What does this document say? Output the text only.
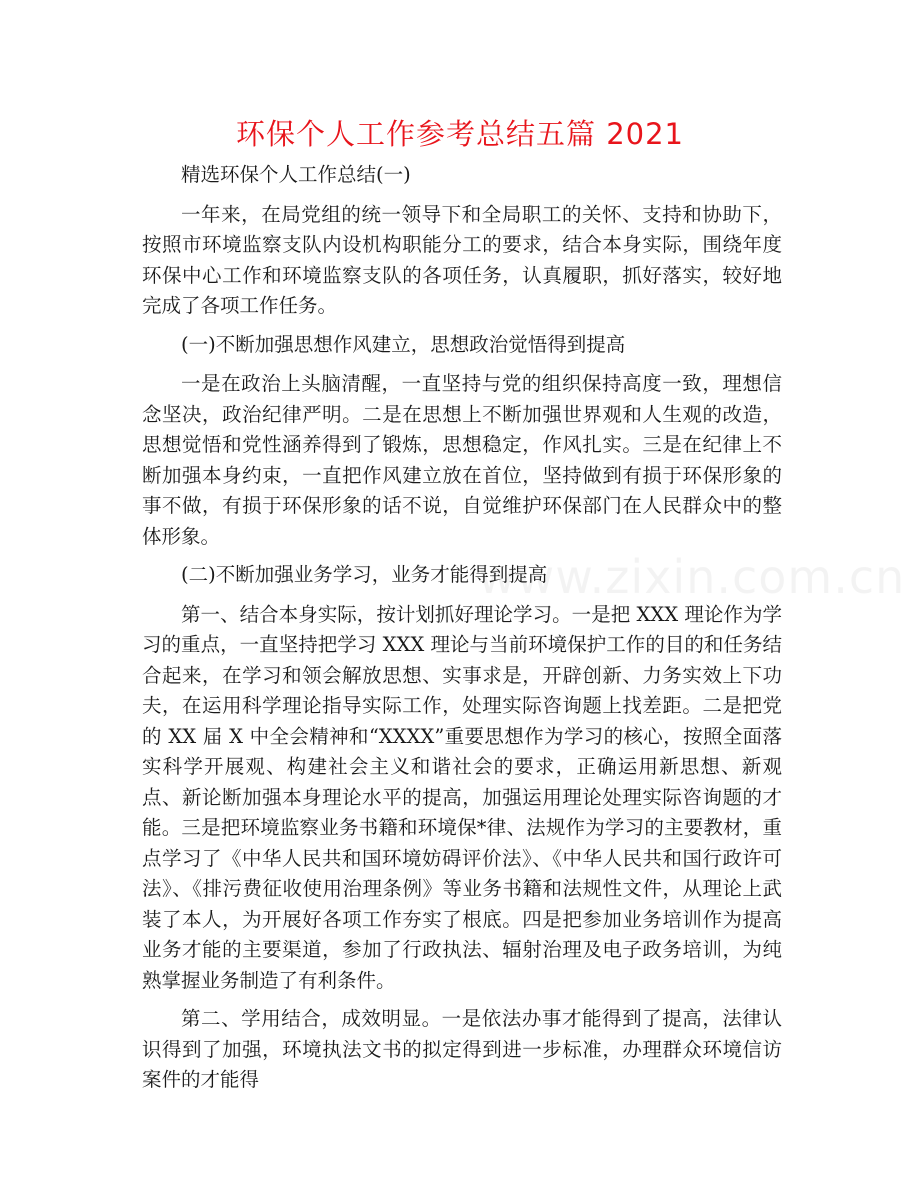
环保个人工作参考总结五篇 2021

精选环保个人工作总结(一)

一年来，在局党组的统一领导下和全局职工的关怀、支持和协助下，按照市环境监察支队内设机构职能分工的要求，结合本身实际，围绕年度环保中心工作和环境监察支队的各项任务，认真履职，抓好落实，较好地完成了各项工作任务。

(一)不断加强思想作风建立，思想政治觉悟得到提高

一是在政治上头脑清醒，一直坚持与党的组织保持高度一致，理想信念坚决，政治纪律严明。二是在思想上不断加强世界观和人生观的改造，思想觉悟和党性涵养得到了锻炼，思想稳定，作风扎实。三是在纪律上不断加强本身约束，一直把作风建立放在首位，坚持做到有损于环保形象的事不做，有损于环保形象的话不说，自觉维护环保部门在人民群众中的整体形象。

(二)不断加强业务学习，业务才能得到提高

第一、结合本身实际，按计划抓好理论学习。一是把 XXX 理论作为学习的重点，一直坚持把学习 XXX 理论与当前环境保护工作的目的和任务结合起来，在学习和领会解放思想、实事求是，开辟创新、力务实效上下功夫，在运用科学理论指导实际工作，处理实际咨询题上找差距。二是把党的 XX 届 X 中全会精神和“XXXX”重要思想作为学习的核心，按照全面落实科学开展观、构建社会主义和谐社会的要求，正确运用新思想、新观点、新论断加强本身理论水平的提高，加强运用理论处理实际咨询题的才能。三是把环境监察业务书籍和环境保*律、法规作为学习的主要教材，重点学习了《中华人民共和国环境妨碍评价法》、《中华人民共和国行政许可法》、《排污费征收使用治理条例》等业务书籍和法规性文件，从理论上武装了本人，为开展好各项工作夯实了根底。四是把参加业务培训作为提高业务才能的主要渠道，参加了行政执法、辐射治理及电子政务培训，为纯熟掌握业务制造了有利条件。

第二、学用结合，成效明显。一是依法办事才能得到了提高，法律认识得到了加强，环境执法文书的拟定得到进一步标准，办理群众环境信访案件的才能得
